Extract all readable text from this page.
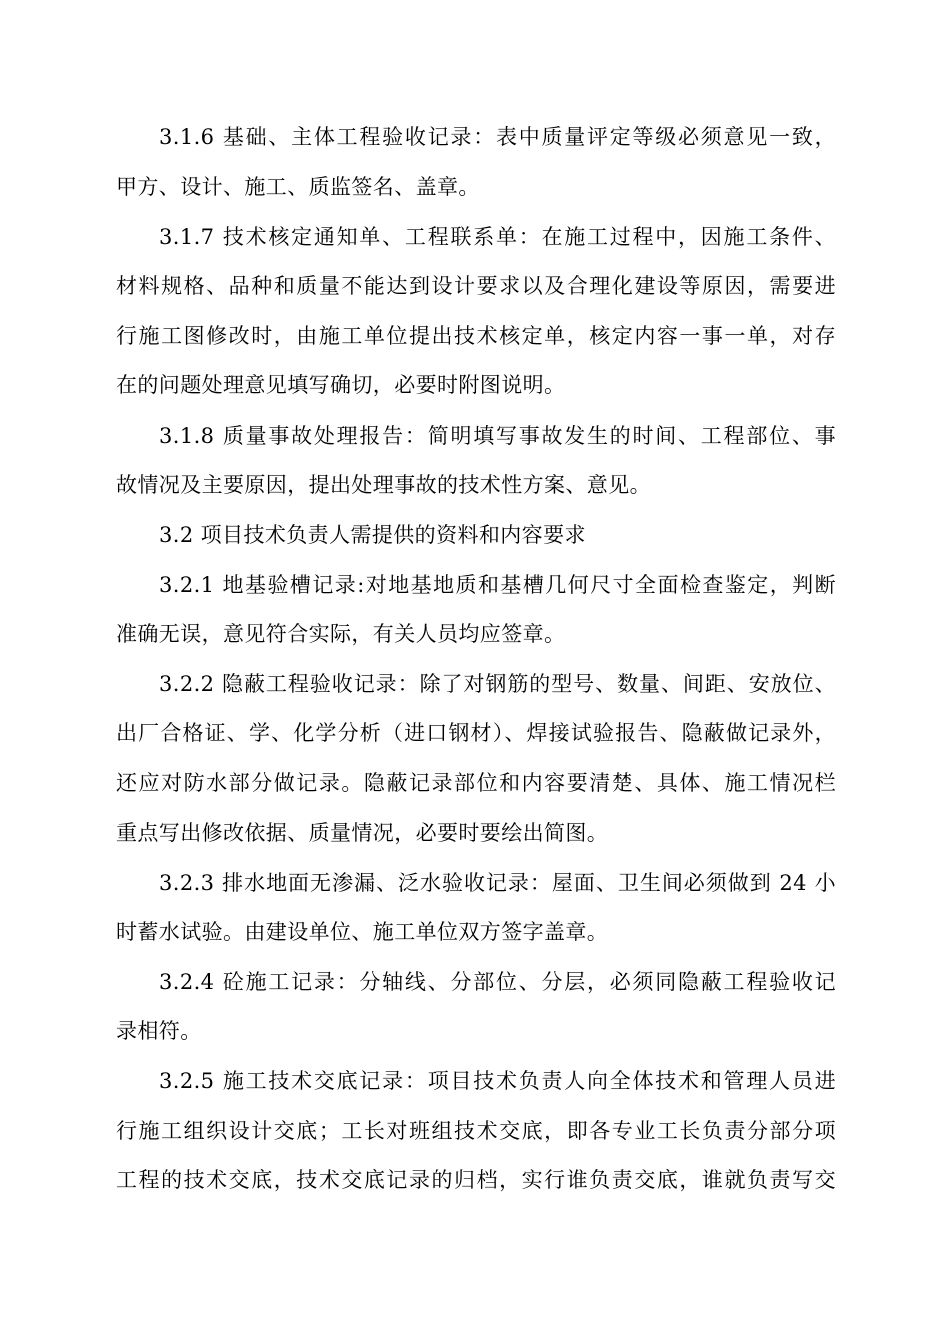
3.1.6 基础、主体工程验收记录：表中质量评定等级必须意见一致，
甲方、设计、施工、质监签名、盖章。
3.1.7 技术核定通知单、工程联系单：在施工过程中，因施工条件、
材料规格、品种和质量不能达到设计要求以及合理化建设等原因，需要进
行施工图修改时，由施工单位提出技术核定单，核定内容一事一单，对存
在的问题处理意见填写确切，必要时附图说明。
3.1.8 质量事故处理报告：简明填写事故发生的时间、工程部位、事
故情况及主要原因，提出处理事故的技术性方案、意见。
3.2 项目技术负责人需提供的资料和内容要求
3.2.1 地基验槽记录:对地基地质和基槽几何尺寸全面检查鉴定，判断
准确无误，意见符合实际，有关人员均应签章。
3.2.2 隐蔽工程验收记录：除了对钢筋的型号、数量、间距、安放位、
出厂合格证、学、化学分析（进口钢材）、焊接试验报告、隐蔽做记录外，
还应对防水部分做记录。隐蔽记录部位和内容要清楚、具体、施工情况栏
重点写出修改依据、质量情况，必要时要绘出简图。
3.2.3 排水地面无渗漏、泛水验收记录：屋面、卫生间必须做到 24 小
时蓄水试验。由建设单位、施工单位双方签字盖章。
3.2.4 砼施工记录：分轴线、分部位、分层，必须同隐蔽工程验收记
录相符。
3.2.5 施工技术交底记录：项目技术负责人向全体技术和管理人员进
行施工组织设计交底；工长对班组技术交底，即各专业工长负责分部分项
工程的技术交底，技术交底记录的归档，实行谁负责交底，谁就负责写交
